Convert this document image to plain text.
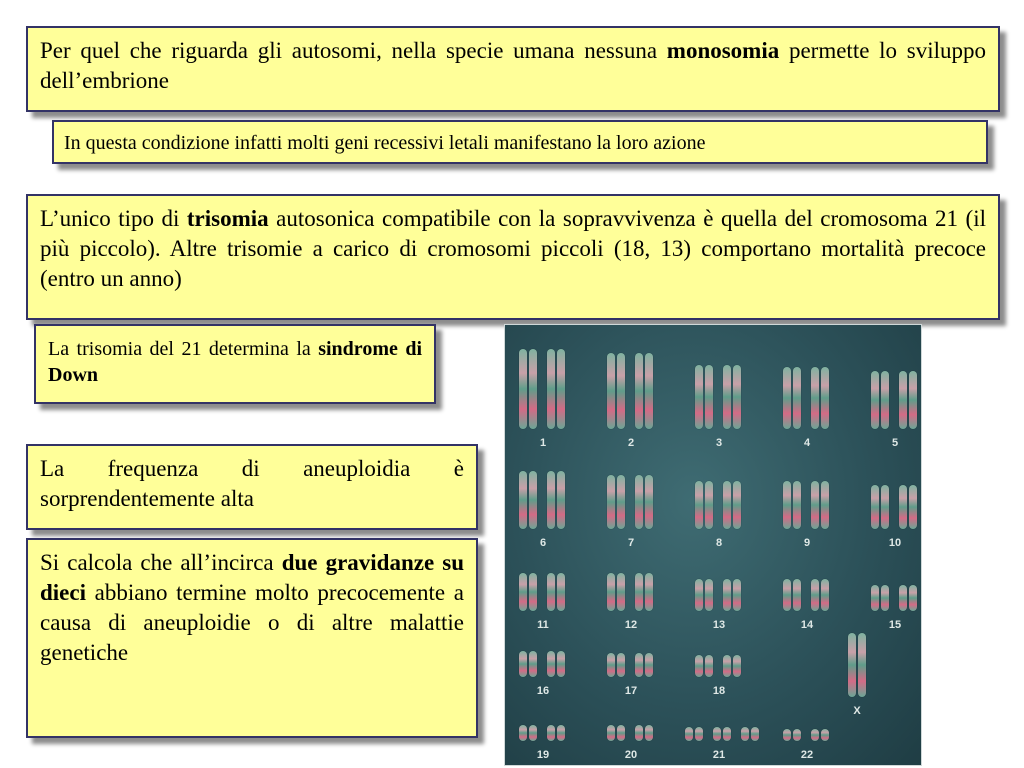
Per quel che riguarda gli autosomi, nella specie umana nessuna monosomia permette lo sviluppo dell’embrione
In questa condizione infatti molti geni recessivi letali manifestano la loro azione
L’unico tipo di trisomia autosonica compatibile con la sopravvivenza è quella del cromosoma 21 (il più piccolo). Altre trisomie a carico di cromosomi piccoli (18, 13) comportano mortalità precoce (entro un anno)
La trisomia del 21 determina la sindrome di Down
La frequenza di aneuploidia è sorprendentemente alta
Si calcola che all’incirca due gravidanze su dieci abbiano termine molto precocemente a causa di aneuploidie o di altre malattie genetiche
1	2	3	4	5
6	7	8	9	10
11	12	13	14	15
16	17	18
X
19	20	21	22
